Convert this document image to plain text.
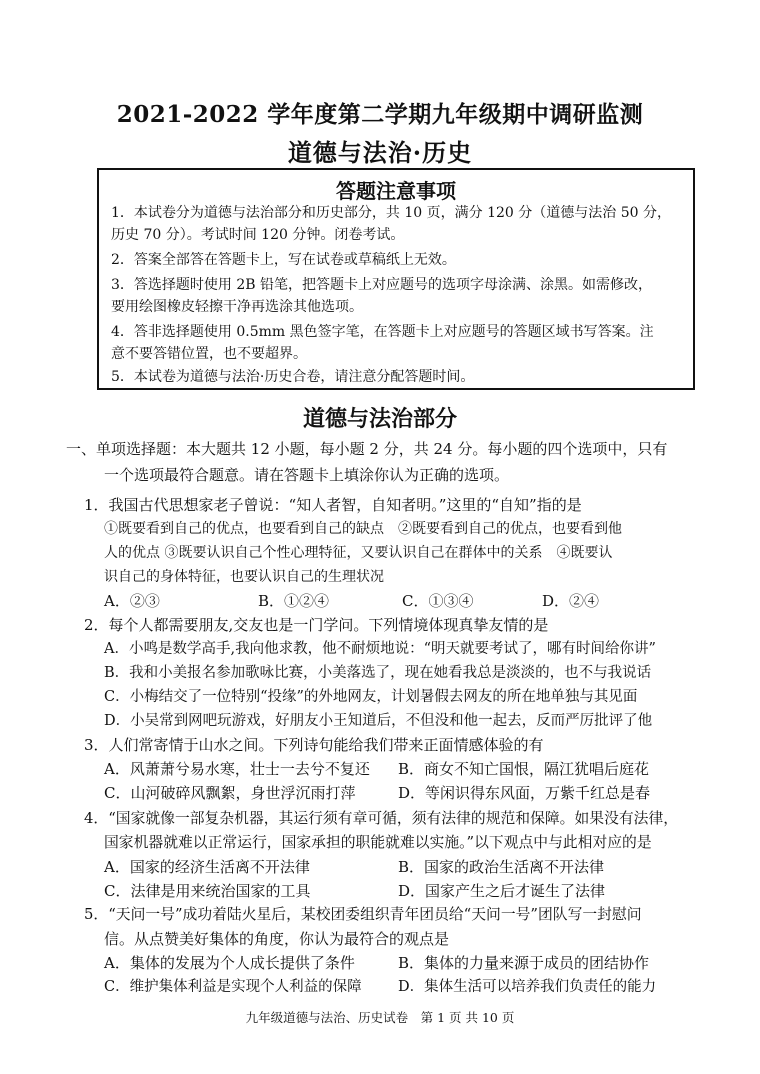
2021-2022 学年度第二学期九年级期中调研监测
道德与法治·历史
答题注意事项
1．本试卷分为道德与法治部分和历史部分，共 10 页，满分 120 分（道德与法治 50 分，
历史 70 分）。考试时间 120 分钟。闭卷考试。
2．答案全部答在答题卡上，写在试卷或草稿纸上无效。
3．答选择题时使用 2B 铅笔，把答题卡上对应题号的选项字母涂满、涂黑。如需修改，
要用绘图橡皮轻擦干净再选涂其他选项。
4．答非选择题使用 0.5mm 黑色签字笔，在答题卡上对应题号的答题区域书写答案。注
意不要答错位置，也不要超界。
5．本试卷为道德与法治·历史合卷，请注意分配答题时间。
道德与法治部分
一、单项选择题：本大题共 12 小题，每小题 2 分，共 24 分。每小题的四个选项中，只有
一个选项最符合题意。请在答题卡上填涂你认为正确的选项。
1．我国古代思想家老子曾说：“知人者智，自知者明。”这里的“自知”指的是
①既要看到自己的优点，也要看到自己的缺点　②既要看到自己的优点，也要看到他
人的优点 ③既要认识自己个性心理特征，又要认识自己在群体中的关系　④既要认
识自己的身体特征，也要认识自己的生理状况
A．②③	B．①②④	C．①③④	D．②④
2．每个人都需要朋友,交友也是一门学问。下列情境体现真挚友情的是
A．小鸣是数学高手,我向他求教，他不耐烦地说：“明天就要考试了，哪有时间给你讲”
B．我和小美报名参加歌咏比赛，小美落选了，现在她看我总是淡淡的，也不与我说话
C．小梅结交了一位特别“投缘”的外地网友，计划暑假去网友的所在地单独与其见面
D．小吴常到网吧玩游戏，好朋友小王知道后，不但没和他一起去，反而严厉批评了他
3．人们常寄情于山水之间。下列诗句能给我们带来正面情感体验的有
A．风萧萧兮易水寒，壮士一去兮不复还 B．商女不知亡国恨，隔江犹唱后庭花
C．山河破碎风飘絮，身世浮沉雨打萍	D．等闲识得东风面，万紫千红总是春
4．“国家就像一部复杂机器，其运行须有章可循，须有法律的规范和保障。如果没有法律，
国家机器就难以正常运行，国家承担的职能就难以实施。”以下观点中与此相对应的是
A．国家的经济生活离不开法律	B．国家的政治生活离不开法律
C．法律是用来统治国家的工具	D．国家产生之后才诞生了法律
5．“天问一号”成功着陆火星后，某校团委组织青年团员给“天问一号”团队写一封慰问
信。从点赞美好集体的角度，你认为最符合的观点是
A．集体的发展为个人成长提供了条件	B．集体的力量来源于成员的团结协作
C．维护集体利益是实现个人利益的保障	D．集体生活可以培养我们负责任的能力
九年级道德与法治、历史试卷　第 1 页 共 10 页
